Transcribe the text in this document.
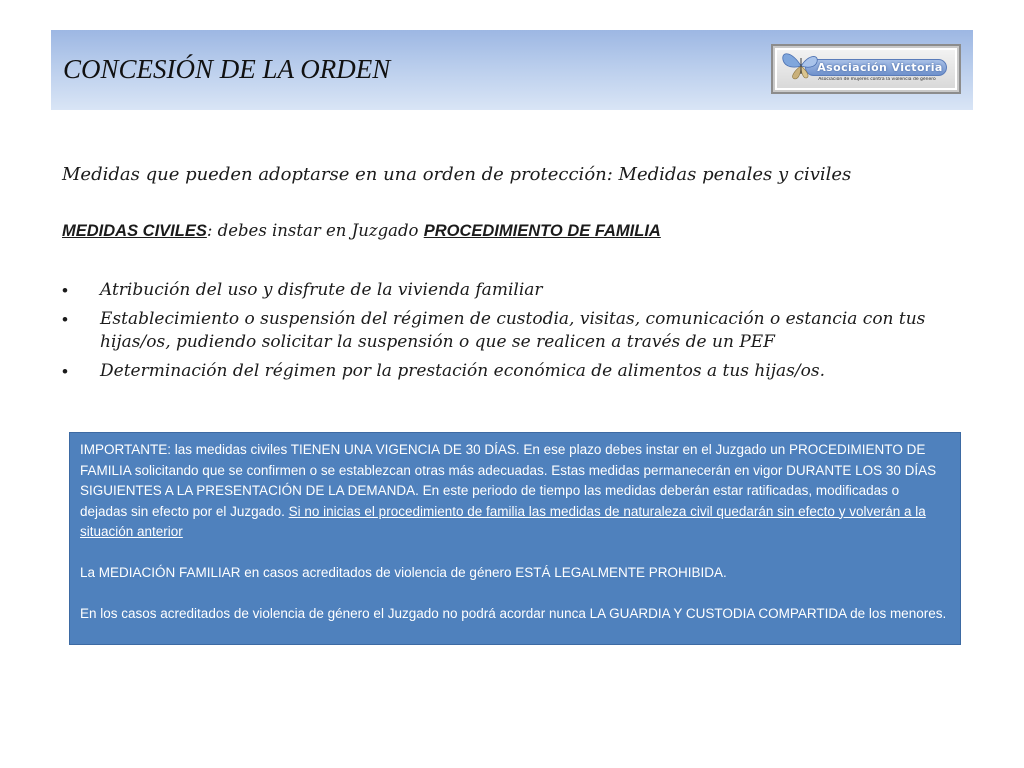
CONCESIÓN DE LA ORDEN	Asociación Victoria
Asociación de mujeres contra la violencia de género
Medidas que pueden adoptarse en una orden de protección: Medidas penales y civiles
MEDIDAS CIVILES: debes instar en Juzgado PROCEDIMIENTO DE FAMILIA
• Atribución del uso y disfrute de la vivienda familiar
• Establecimiento o suspensión del régimen de custodia, visitas, comunicación o estancia con tus hijas/os, pudiendo solicitar la suspensión o que se realicen a través de un PEF
• Determinación del régimen por la prestación económica de alimentos a tus hijas/os.

IMPORTANTE: las medidas civiles TIENEN UNA VIGENCIA DE 30 DÍAS. En ese plazo debes instar en el Juzgado un PROCEDIMIENTO DE FAMILIA solicitando que se confirmen o se establezcan otras más adecuadas. Estas medidas permanecerán en vigor DURANTE LOS 30 DÍAS SIGUIENTES A LA PRESENTACIÓN DE LA DEMANDA. En este periodo de tiempo las medidas deberán estar ratificadas, modificadas o dejadas sin efecto por el Juzgado. Si no inicias el procedimiento de familia las medidas de naturaleza civil quedarán sin efecto y volverán a la situación anterior

La MEDIACIÓN FAMILIAR en casos acreditados de violencia de género ESTÁ LEGALMENTE PROHIBIDA.

En los casos acreditados de violencia de género el Juzgado no podrá acordar nunca LA GUARDIA Y CUSTODIA COMPARTIDA de los menores.
